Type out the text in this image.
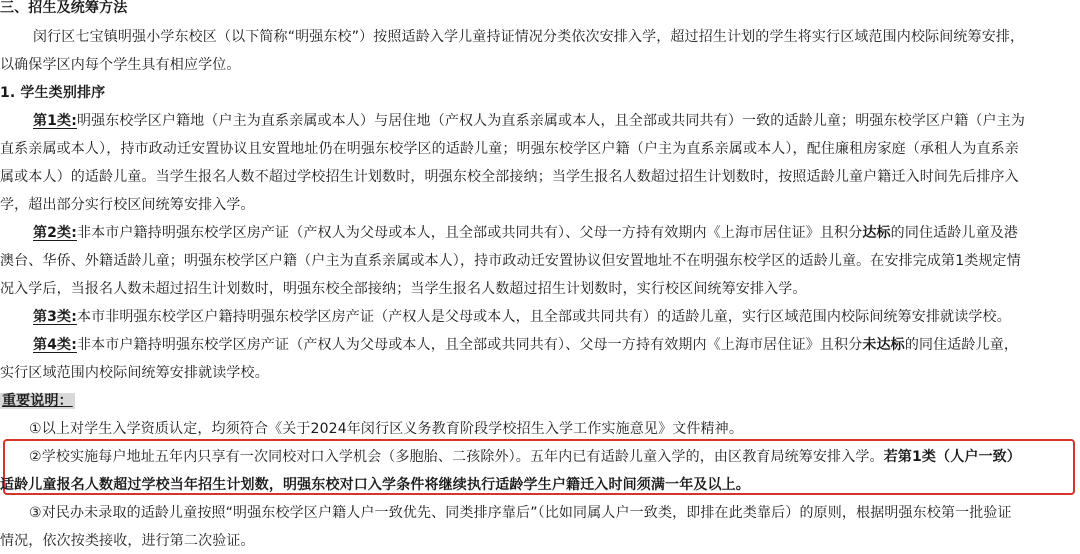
三、招生及统筹方法
闵行区七宝镇明强小学东校区（以下简称“明强东校”）按照适龄入学儿童持证情况分类依次安排入学，超过招生计划的学生将实行区域范围内校际间统筹安排，
以确保学区内每个学生具有相应学位。
1. 学生类别排序
第1类:明强东校学区户籍地（户主为直系亲属或本人）与居住地（产权人为直系亲属或本人，且全部或共同共有）一致的适龄儿童；明强东校学区户籍（户主为
直系亲属或本人），持市政动迁安置协议且安置地址仍在明强东校学区的适龄儿童；明强东校学区户籍（户主为直系亲属或本人），配住廉租房家庭（承租人为直系亲
属或本人）的适龄儿童。当学生报名人数不超过学校招生计划数时，明强东校全部接纳；当学生报名人数超过招生计划数时，按照适龄儿童户籍迁入时间先后排序入
学，超出部分实行校区间统筹安排入学。
第2类:非本市户籍持明强东校学区房产证（产权人为父母或本人，且全部或共同共有）、父母一方持有效期内《上海市居住证》且积分达标的同住适龄儿童及港
澳台、华侨、外籍适龄儿童；明强东校学区户籍（户主为直系亲属或本人），持市政动迁安置协议但安置地址不在明强东校学区的适龄儿童。在安排完成第1类规定情
况入学后，当报名人数未超过招生计划数时，明强东校全部接纳；当学生报名人数超过招生计划数时，实行校区间统筹安排入学。
第3类:本市非明强东校学区户籍持明强东校学区房产证（产权人是父母或本人，且全部或共同共有）的适龄儿童，实行区域范围内校际间统筹安排就读学校。
第4类:非本市户籍持明强东校学区房产证（产权人为父母或本人，且全部或共同共有）、父母一方持有效期内《上海市居住证》且积分未达标的同住适龄儿童，
实行区域范围内校际间统筹安排就读学校。
重要说明：
①以上对学生入学资质认定，均须符合《关于2024年闵行区义务教育阶段学校招生入学工作实施意见》文件精神。
②学校实施每户地址五年内只享有一次同校对口入学机会（多胞胎、二孩除外）。五年内已有适龄儿童入学的，由区教育局统筹安排入学。若第1类（人户一致）
适龄儿童报名人数超过学校当年招生计划数，明强东校对口入学条件将继续执行适龄学生户籍迁入时间须满一年及以上。
③对民办未录取的适龄儿童按照“明强东校学区户籍人户一致优先、同类排序靠后”（比如同属人户一致类，即排在此类靠后）的原则，根据明强东校第一批验证
情况，依次按类接收，进行第二次验证。
